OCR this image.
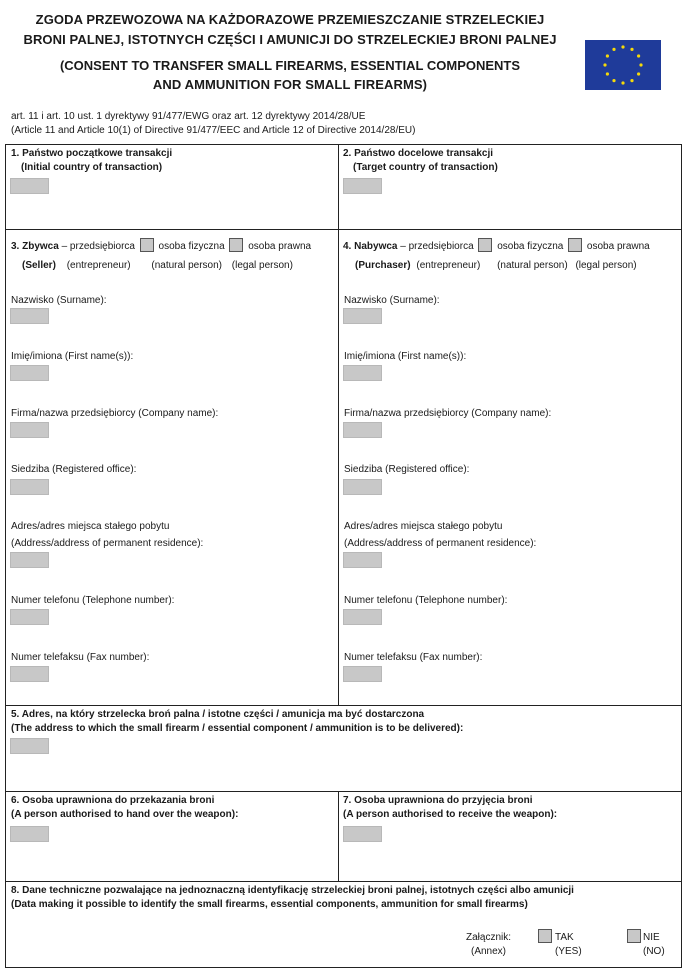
ZGODA PRZEWOZOWA NA KAŻDORAZOWE PRZEMIESZCZANIE STRZELECKIEJ
BRONI PALNEJ, ISTOTNYCH CZĘŚCI I AMUNICJI DO STRZELECKIEJ BRONI PALNEJ
(CONSENT TO TRANSFER SMALL FIREARMS, ESSENTIAL COMPONENTS
AND AMMUNITION FOR SMALL FIREARMS)
art. 11 i art. 10 ust. 1 dyrektywy 91/477/EWG oraz art. 12 dyrektywy 2014/28/UE
(Article 11 and Article 10(1) of Directive 91/477/EEC and Article 12 of Directive 2014/28/EU)
1. Państwo początkowe transakcji
(Initial country of transaction)
2. Państwo docelowe transakcji
(Target country of transaction)
3. Zbywca – przedsiębiorca osoba fizyczna osoba prawna
(Seller) (entrepreneur) (natural person) (legal person)
Nazwisko (Surname):
Imię/imiona (First name(s)):
Firma/nazwa przedsiębiorcy (Company name):
Siedziba (Registered office):
Adres/adres miejsca stałego pobytu
(Address/address of permanent residence):
Numer telefonu (Telephone number):
Numer telefaksu (Fax number):
4. Nabywca – przedsiębiorca osoba fizyczna osoba prawna
(Purchaser) (entrepreneur) (natural person) (legal person)
Nazwisko (Surname):
Imię/imiona (First name(s)):
Firma/nazwa przedsiębiorcy (Company name):
Siedziba (Registered office):
Adres/adres miejsca stałego pobytu
(Address/address of permanent residence):
Numer telefonu (Telephone number):
Numer telefaksu (Fax number):
5. Adres, na który strzelecka broń palna / istotne części / amunicja ma być dostarczona
(The address to which the small firearm / essential component / ammunition is to be delivered):
6. Osoba uprawniona do przekazania broni
(A person authorised to hand over the weapon):
7. Osoba uprawniona do przyjęcia broni
(A person authorised to receive the weapon):
8. Dane techniczne pozwalające na jednoznaczną identyfikację strzeleckiej broni palnej, istotnych części albo amunicji
(Data making it possible to identify the small firearms, essential components, ammunition for small firearms)
Załącznik:
(Annex)
TAK
(YES)
NIE
(NO)
